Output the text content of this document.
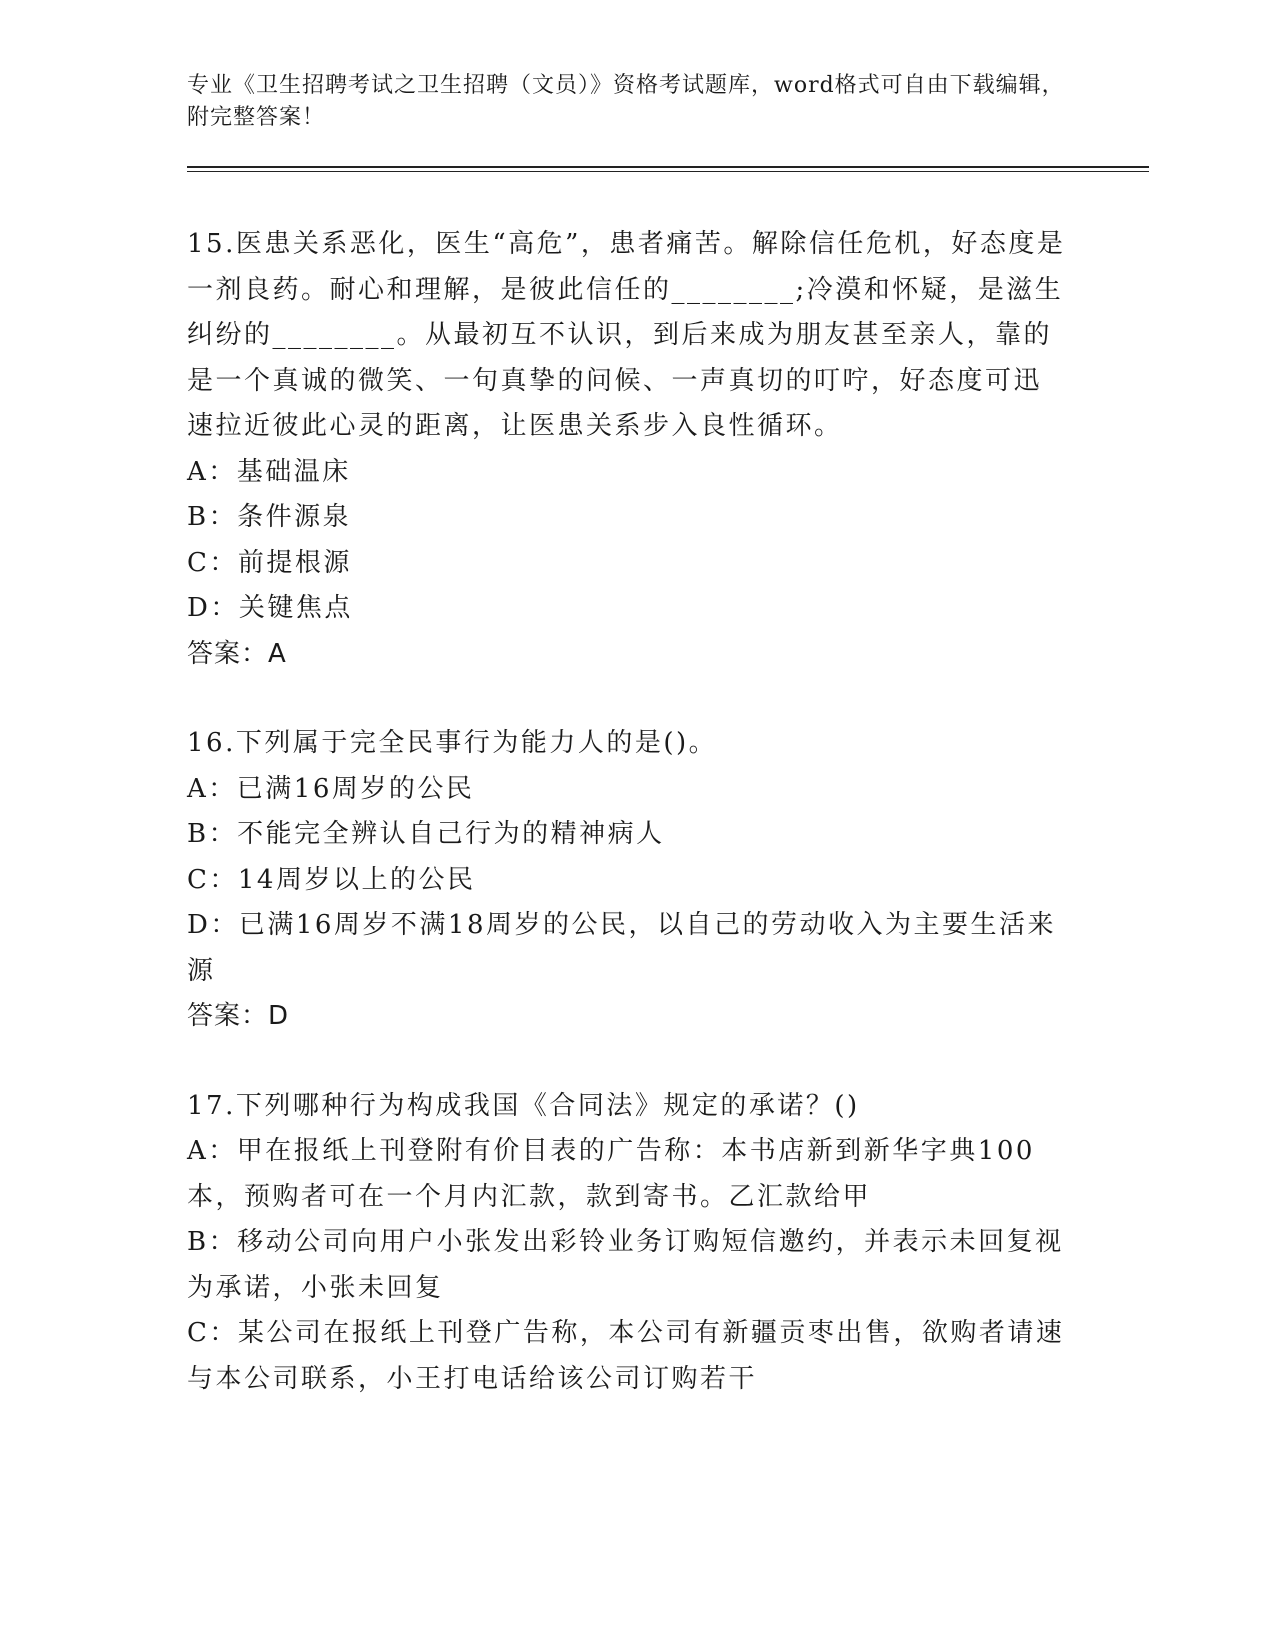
专业《卫生招聘考试之卫生招聘（文员）》资格考试题库，word格式可自由下载编辑，附完整答案！

15.医患关系恶化，医生“高危”，患者痛苦。解除信任危机，好态度是一剂良药。耐心和理解，是彼此信任的________;冷漠和怀疑，是滋生纠纷的________。从最初互不认识，到后来成为朋友甚至亲人，靠的是一个真诚的微笑、一句真挚的问候、一声真切的叮咛，好态度可迅速拉近彼此心灵的距离，让医患关系步入良性循环。

A：基础温床

B：条件源泉

C：前提根源

D：关键焦点

答案：A

16.下列属于完全民事行为能力人的是()。

A：已满16周岁的公民

B：不能完全辨认自己行为的精神病人

C：14周岁以上的公民

D：已满16周岁不满18周岁的公民，以自己的劳动收入为主要生活来源

答案：D

17.下列哪种行为构成我国《合同法》规定的承诺？()

A：甲在报纸上刊登附有价目表的广告称：本书店新到新华字典100本，预购者可在一个月内汇款，款到寄书。乙汇款给甲

B：移动公司向用户小张发出彩铃业务订购短信邀约，并表示未回复视为承诺，小张未回复

C：某公司在报纸上刊登广告称，本公司有新疆贡枣出售，欲购者请速与本公司联系，小王打电话给该公司订购若干
